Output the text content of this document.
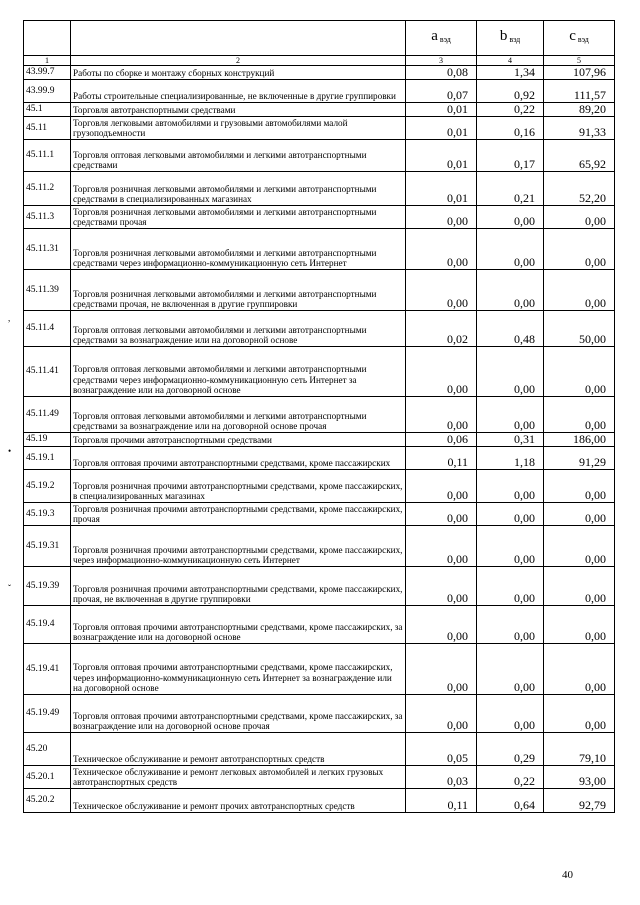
		a $_{вэд}$	b $_{вэд}$	c $_{вэд}$
1	2	3	4	5
43.99.7	Работы по сборке и монтажу сборных конструкций	0,08	1,34	107,96
43.99.9	Работы строительные специализированные, не включенные в другие группировки	0,07	0,92	111,57
45.1	Торговля автотранспортными средствами	0,01	0,22	89,20
45.11	Торговля легковыми автомобилями и грузовыми автомобилями малой грузоподъемности	0,01	0,16	91,33
45.11.1	Торговля оптовая легковыми автомобилями и легкими автотранспортными средствами	0,01	0,17	65,92
45.11.2	Торговля розничная легковыми автомобилями и легкими автотранспортными средствами в специализированных магазинах	0,01	0,21	52,20
45.11.3	Торговля розничная легковыми автомобилями и легкими автотранспортными средствами прочая	0,00	0,00	0,00
45.11.31	Торговля розничная легковыми автомобилями и легкими автотранспортными средствами через информационно-коммуникационную сеть Интернет	0,00	0,00	0,00
45.11.39	Торговля розничная легковыми автомобилями и легкими автотранспортными средствами прочая, не включенная в другие группировки	0,00	0,00	0,00
45.11.4	Торговля оптовая легковыми автомобилями и легкими автотранспортными средствами за вознаграждение или на договорной основе	0,02	0,48	50,00
45.11.41	Торговля оптовая легковыми автомобилями и легкими автотранспортными средствами через информационно-коммуникационную сеть Интернет за вознаграждение или на договорной основе	0,00	0,00	0,00
45.11.49	Торговля оптовая легковыми автомобилями и легкими автотранспортными средствами за вознаграждение или на договорной основе прочая	0,00	0,00	0,00
45.19	Торговля прочими автотранспортными средствами	0,06	0,31	186,00
45.19.1	Торговля оптовая прочими автотранспортными средствами, кроме пассажирских	0,11	1,18	91,29
45.19.2	Торговля розничная прочими автотранспортными средствами, кроме пассажирских, в специализированных магазинах	0,00	0,00	0,00
45.19.3	Торговля розничная прочими автотранспортными средствами, кроме пассажирских, прочая	0,00	0,00	0,00
45.19.31	Торговля розничная прочими автотранспортными средствами, кроме пассажирских, через информационно-коммуникационную сеть Интернет	0,00	0,00	0,00
45.19.39	Торговля розничная прочими автотранспортными средствами, кроме пассажирских, прочая, не включенная в другие группировки	0,00	0,00	0,00
45.19.4	Торговля оптовая прочими автотранспортными средствами, кроме пассажирских, за вознаграждение или на договорной основе	0,00	0,00	0,00
45.19.41	Торговля оптовая прочими автотранспортными средствами, кроме пассажирских, через информационно-коммуникационную сеть Интернет за вознаграждение или на договорной основе	0,00	0,00	0,00
45.19.49	Торговля оптовая прочими автотранспортными средствами, кроме пассажирских, за вознаграждение или на договорной основе прочая	0,00	0,00	0,00
45.20	Техническое обслуживание и ремонт автотранспортных средств	0,05	0,29	79,10
45.20.1	Техническое обслуживание и ремонт легковых автомобилей и легких грузовых автотранспортных средств	0,03	0,22	93,00
45.20.2	Техническое обслуживание и ремонт прочих автотранспортных средств	0,11	0,64	92,79
,
•
ˇ
40
